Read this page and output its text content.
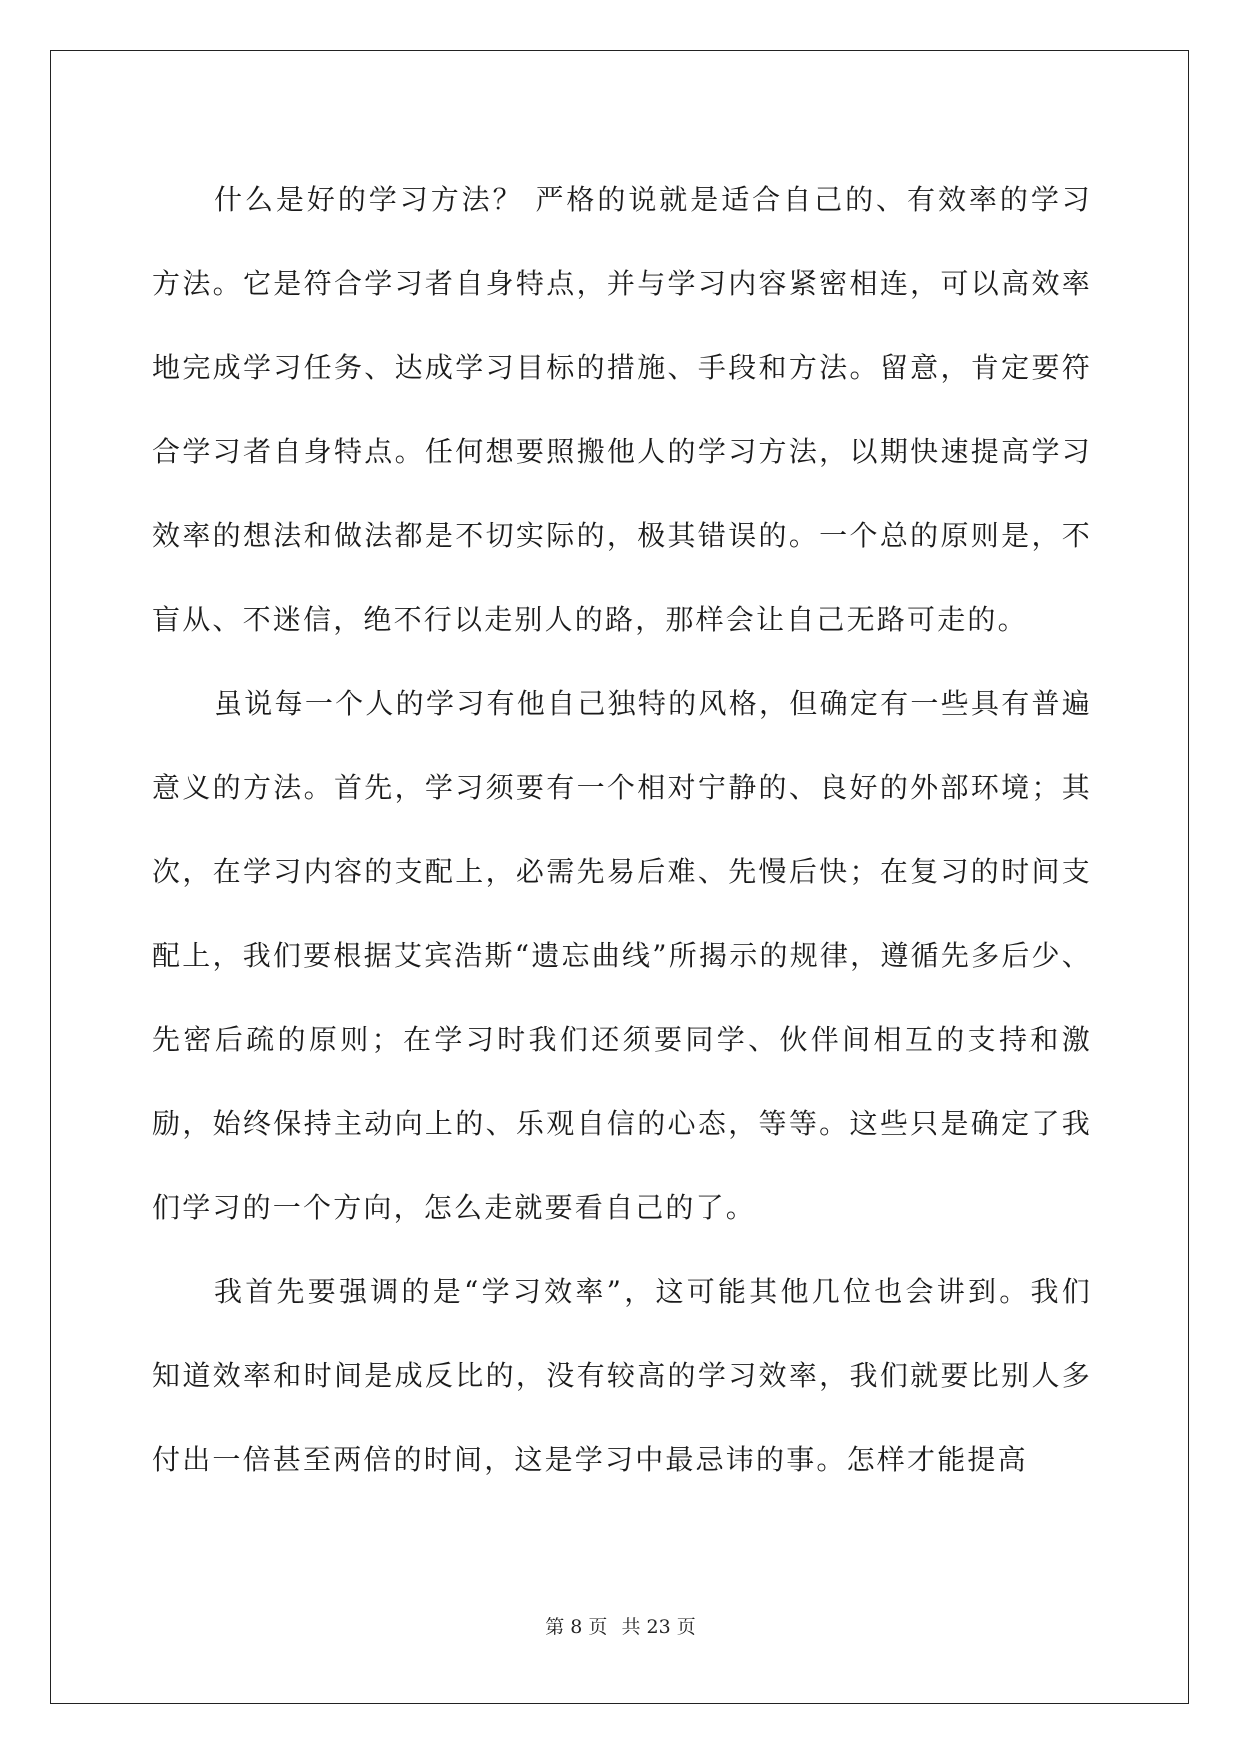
什么是好的学习方法？ 严格的说就是适合自己的、有效率的学习方法。它是符合学习者自身特点，并与学习内容紧密相连，可以高效率地完成学习任务、达成学习目标的措施、手段和方法。留意，肯定要符合学习者自身特点。任何想要照搬他人的学习方法，以期快速提高学习效率的想法和做法都是不切实际的，极其错误的。一个总的原则是，不盲从、不迷信，绝不行以走别人的路，那样会让自己无路可走的。

虽说每一个人的学习有他自己独特的风格，但确定有一些具有普遍意义的方法。首先，学习须要有一个相对宁静的、良好的外部环境；其次，在学习内容的支配上，必需先易后难、先慢后快；在复习的时间支配上，我们要根据艾宾浩斯“遗忘曲线”所揭示的规律，遵循先多后少、先密后疏的原则；在学习时我们还须要同学、伙伴间相互的支持和激励，始终保持主动向上的、乐观自信的心态，等等。这些只是确定了我们学习的一个方向，怎么走就要看自己的了。

我首先要强调的是“学习效率”，这可能其他几位也会讲到。我们知道效率和时间是成反比的，没有较高的学习效率，我们就要比别人多付出一倍甚至两倍的时间，这是学习中最忌讳的事。怎样才能提高

第 8 页 共 23 页
